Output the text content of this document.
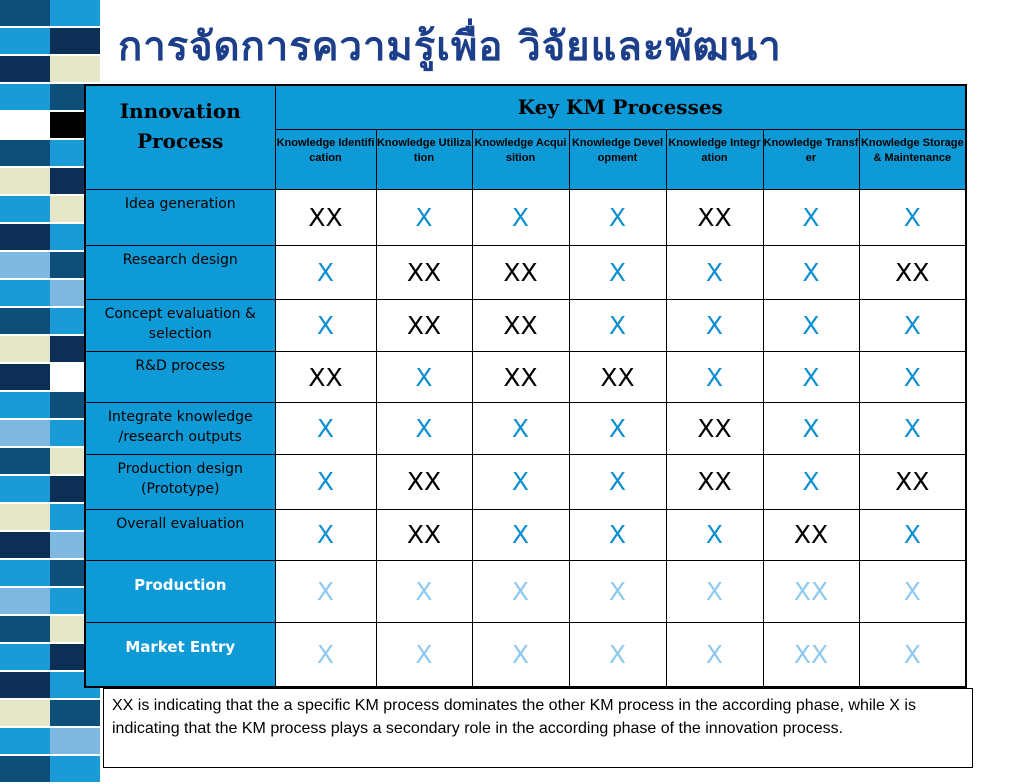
การจัดการความรู้เพื่อ วิจัยและพัฒนา
Innovation Process	Key KM Processes						
	Knowledge Identification	Knowledge Utilization	Knowledge Acquisition	Knowledge Development	Knowledge Integration	Knowledge Transfer	Knowledge Storage & Maintenance
Idea generation	XX	X	X	X	XX	X	X
Research design	X	XX	XX	X	X	X	XX
Concept evaluation & selection	X	XX	XX	X	X	X	X
R&D process	XX	X	XX	XX	X	X	X
Integrate knowledge /research outputs	X	X	X	X	XX	X	X
Production design (Prototype)	X	XX	X	X	XX	X	XX
Overall evaluation	X	XX	X	X	X	XX	X
Production	X	X	X	X	X	XX	X
Market Entry	X	X	X	X	X	XX	X
XX is indicating that the a specific KM process dominates the other KM process in the according phase, while X is indicating that the KM process plays a secondary role in the according phase of the innovation process.
